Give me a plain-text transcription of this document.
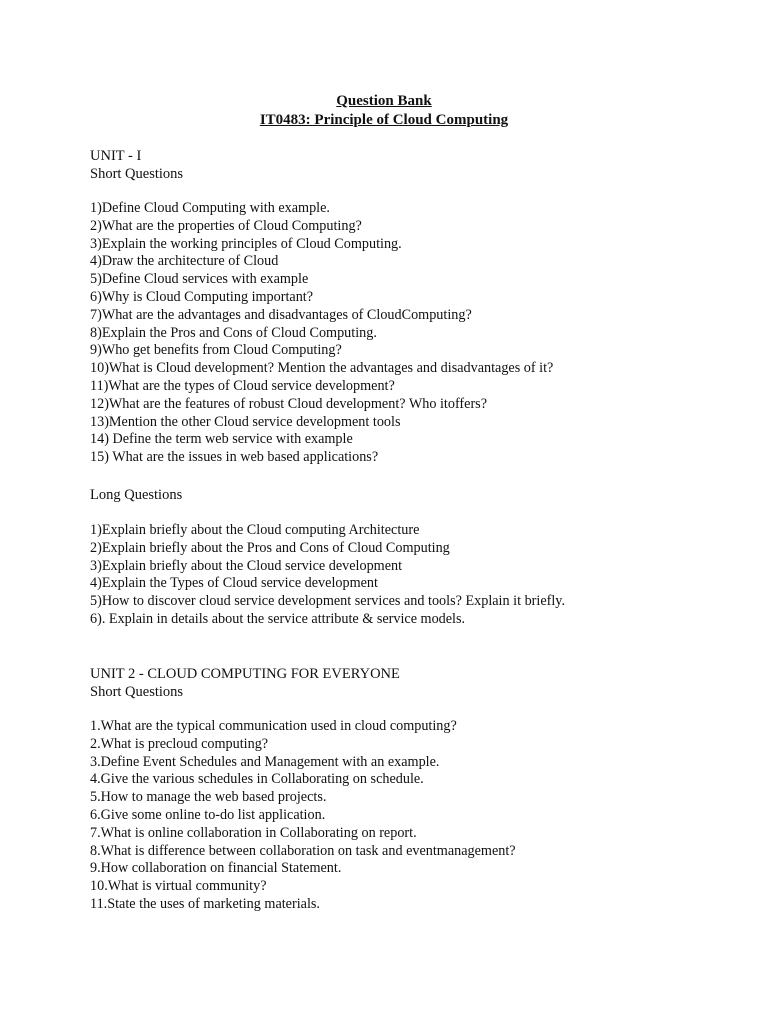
Question Bank
IT0483: Principle of Cloud Computing
UNIT - I
Short Questions
1)Define Cloud Computing with example.
2)What are the properties of Cloud Computing?
3)Explain the working principles of Cloud Computing.
4)Draw the architecture of Cloud
5)Define Cloud services with example
6)Why is Cloud Computing important?
7)What are the advantages and disadvantages of CloudComputing?
8)Explain the Pros and Cons of Cloud Computing.
9)Who get benefits from Cloud Computing?
10)What is Cloud development? Mention the advantages and disadvantages of it?
11)What are the types of Cloud service development?
12)What are the features of robust Cloud development? Who itoffers?
13)Mention the other Cloud service development tools
14) Define the term web service with example
15) What are the issues in web based applications?
Long Questions
1)Explain briefly about the Cloud computing Architecture
2)Explain briefly about the Pros and Cons of Cloud Computing
3)Explain briefly about the Cloud service development
4)Explain the Types of Cloud service development
5)How to discover cloud service development services and tools? Explain it briefly.
6). Explain in details about the service attribute & service models.
UNIT 2 - CLOUD COMPUTING FOR EVERYONE
Short Questions
1.What are the typical communication used in cloud computing?
2.What is precloud computing?
3.Define Event Schedules and Management with an example.
4.Give the various schedules in Collaborating on schedule.
5.How to manage the web based projects.
6.Give some online to-do list application.
7.What is online collaboration in Collaborating on report.
8.What is difference between collaboration on task and eventmanagement?
9.How collaboration on financial Statement.
10.What is virtual community?
11.State the uses of marketing materials.
